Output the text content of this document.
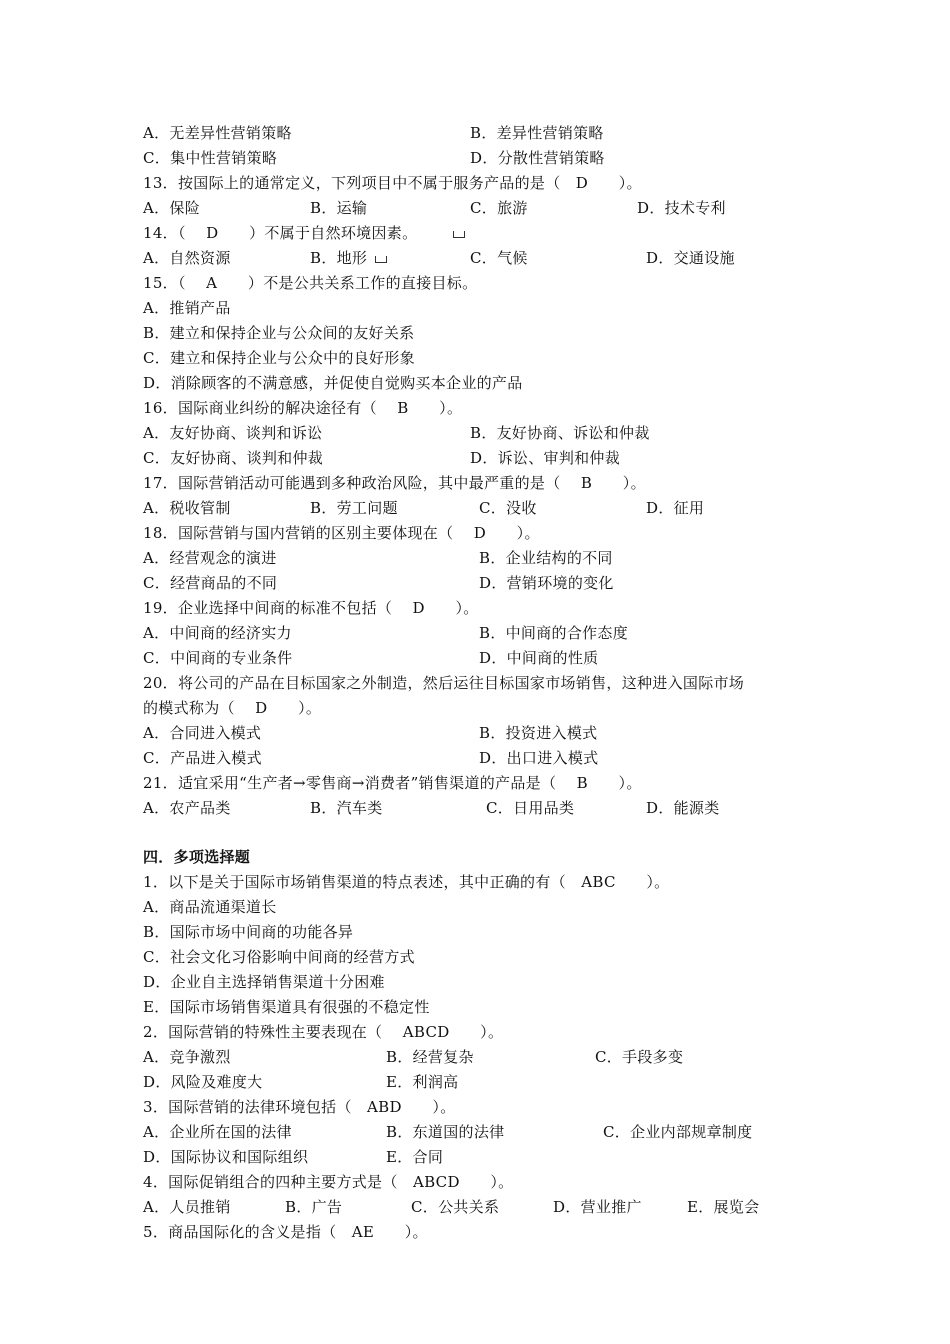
A．无差异性营销策略	B．差异性营销策略
C．集中性营销策略	D．分散性营销策略
13．按国际上的通常定义，下列项目中不属于服务产品的是（　D　　）。
A．保险	B．运输	C．旅游	D．技术专利
14．（　 D　　）不属于自然环境因素。
A．自然资源	B．地形	C．气候	D．交通设施
15．（　 A　　）不是公共关系工作的直接目标。
A．推销产品
B．建立和保持企业与公众间的友好关系
C．建立和保持企业与公众中的良好形象
D．消除顾客的不满意感，并促使自觉购买本企业的产品
16．国际商业纠纷的解决途径有（　 B　　）。
A．友好协商、谈判和诉讼	B．友好协商、诉讼和仲裁
C．友好协商、谈判和仲裁	D．诉讼、审判和仲裁
17．国际营销活动可能遇到多种政治风险，其中最严重的是（　 B　　）。
A．税收管制	B．劳工问题	C．没收	D．征用
18．国际营销与国内营销的区别主要体现在（　 D　　）。
A．经营观念的演进	B．企业结构的不同
C．经营商品的不同	D．营销环境的变化
19．企业选择中间商的标准不包括（　 D　　）。
A．中间商的经济实力	B．中间商的合作态度
C．中间商的专业条件	D．中间商的性质
20．将公司的产品在目标国家之外制造，然后运往目标国家市场销售，这种进入国际市场
的模式称为（　 D　　）。
A．合同进入模式	B．投资进入模式
C．产品进入模式	D．出口进入模式
21．适宜采用“生产者→零售商→消费者”销售渠道的产品是（　 B　　）。
A．农产品类	B．汽车类	C．日用品类	D．能源类
四．多项选择题
1．以下是关于国际市场销售渠道的特点表述，其中正确的有（　ABC　　）。
A．商品流通渠道长
B．国际市场中间商的功能各异
C．社会文化习俗影响中间商的经营方式
D．企业自主选择销售渠道十分困难
E．国际市场销售渠道具有很强的不稳定性
2．国际营销的特殊性主要表现在（　 ABCD　　）。
A．竞争激烈	B．经营复杂	C．手段多变
D．风险及难度大	E．利润高
3．国际营销的法律环境包括（　ABD　　）。
A．企业所在国的法律	B．东道国的法律	C．企业内部规章制度
D．国际协议和国际组织	E．合同
4．国际促销组合的四种主要方式是（　ABCD　　）。
A．人员推销	B．广告	C．公共关系	D．营业推广	E．展览会
5．商品国际化的含义是指（　AE　　）。
